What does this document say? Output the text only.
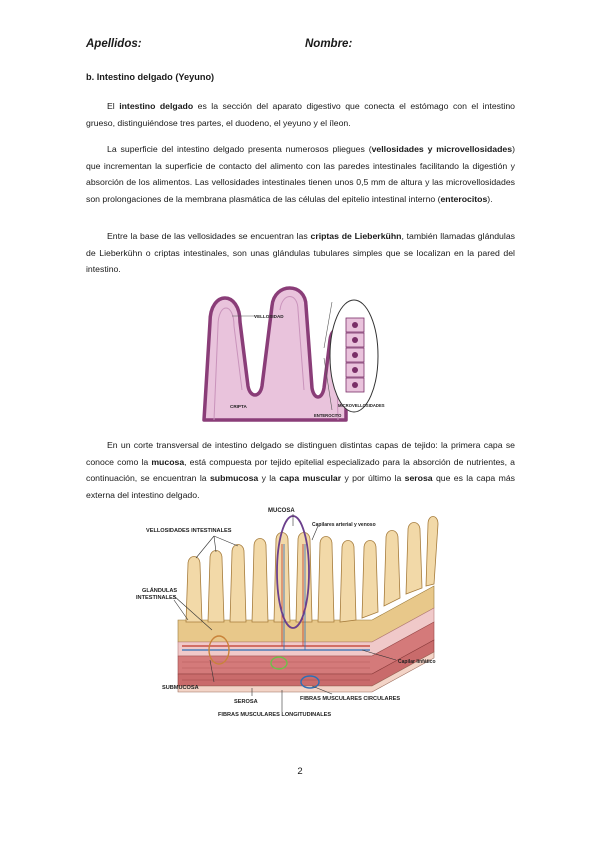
Apellidos:	Nombre:
b. Intestino delgado (Yeyuno)
El intestino delgado es la sección del aparato digestivo que conecta el estómago con el intestino grueso, distinguiéndose tres partes, el duodeno, el yeyuno y el íleon.
La superficie del intestino delgado presenta numerosos pliegues (vellosidades y microvellosidades) que incrementan la superficie de contacto del alimento con las paredes intestinales facilitando la digestión y absorción de los alimentos. Las vellosidades intestinales tienen unos 0,5 mm de altura y las microvellosidades son prolongaciones de la membrana plasmática de las células del epitelio intestinal interno (enterocitos).
Entre la base de las vellosidades se encuentran las criptas de Lieberkühn, también llamadas glándulas de Lieberkühn o criptas intestinales, son unas glándulas tubulares simples que se localizan en la pared del intestino.
VELLOSIDAD
MICROVELLOSIDADES
CRIPTA
ENTEROCITO
En un corte transversal de intestino delgado se distinguen distintas capas de tejido: la primera capa se conoce como la mucosa, está compuesta por tejido epitelial especializado para la absorción de nutrientes, a continuación, se encuentran la submucosa y la capa muscular y por último la serosa que es la capa más externa del intestino delgado.
MUCOSA
Capilares arterial y venoso
VELLOSIDADES INTESTINALES
GLÁNDULAS
INTESTINALES
Capilar linfático
SUBMUCOSA
SEROSA	FIBRAS MUSCULARES CIRCULARES
FIBRAS MUSCULARES LONGITUDINALES
2
